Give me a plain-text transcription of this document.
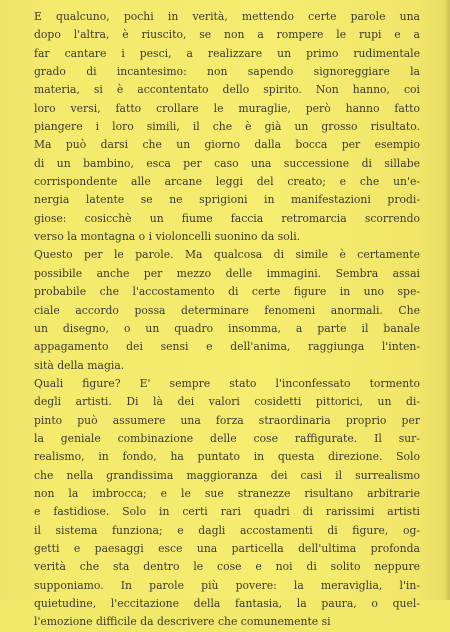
E qualcuno, pochi in verità, mettendo certe parole una
dopo l'altra, è riuscito, se non a rompere le rupi e a
far cantare i pesci, a realizzare un primo rudimentale
grado di incantesimo: non sapendo signoreggiare la
materia, si è accontentato dello spirito. Non hanno, coi
loro versi, fatto crollare le muraglie, però hanno fatto
piangere i loro simili, il che è già un grosso risultato.
Ma può darsi che un giorno dalla bocca per esempio
di un bambino, esca per caso una successione di sillabe
corrispondente alle arcane leggi del creato; e che un'e-
nergia latente se ne sprigioni in manifestazioni prodi-
giose: cosicchè un fiume faccia retromarcia scorrendo
verso la montagna o i violoncelli suonino da soli.
Questo per le parole. Ma qualcosa di simile è certamente
possibile anche per mezzo delle immagini. Sembra assai
probabile che l'accostamento di certe figure in uno spe-
ciale accordo possa determinare fenomeni anormali. Che
un disegno, o un quadro insomma, a parte il banale
appagamento dei sensi e dell'anima, raggiunga l'inten-
sità della magia.
Quali figure? E' sempre stato l'inconfessato tormento
degli artisti. Di là dei valori cosidetti pittorici, un di-
pinto può assumere una forza straordinaria proprio per
la geniale combinazione delle cose raffigurate. Il sur-
realismo, in fondo, ha puntato in questa direzione. Solo
che nella grandissima maggioranza dei casi il surrealismo
non la imbrocca; e le sue stranezze risultano arbitrarie
e fastidiose. Solo in certi rari quadri di rarissimi artisti
il sistema funziona; e dagli accostamenti di figure, og-
getti e paesaggi esce una particella dell'ultima profonda
verità che sta dentro le cose e noi di solito neppure
supponiamo. In parole più povere: la meraviglia, l'in-
quietudine, l'eccitazione della fantasia, la paura, o quel-
l'emozione difficile da descrivere che comunemente si
